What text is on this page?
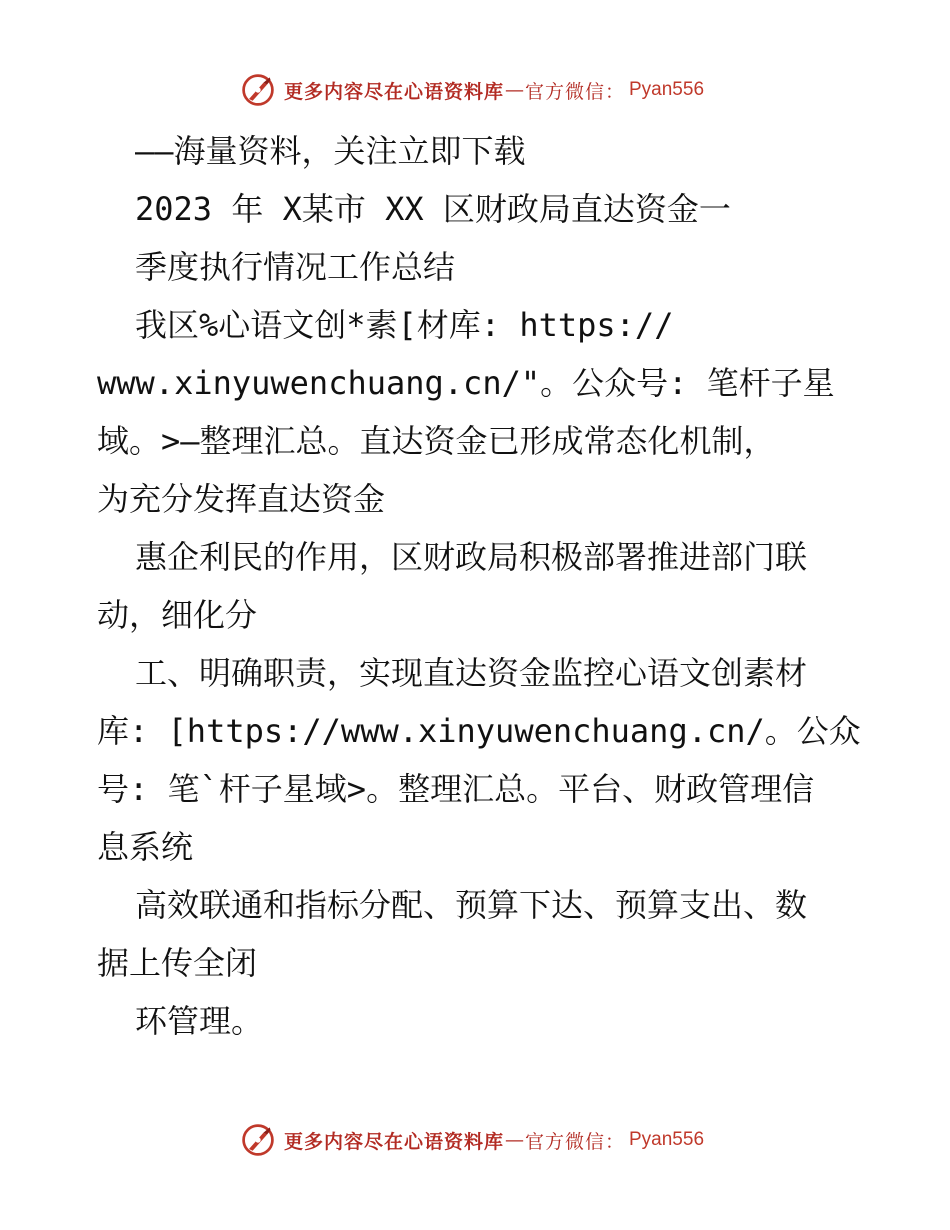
更多内容尽在心语资料库 — 官方微信： Pyan556
——海量资料，关注立即下载
2023 年 X某市 XX 区财政局直达资金一
季度执行情况工作总结
我区%心语文创*素[材库: https://
www.xinyuwenchuang.cn/"。公众号: 笔杆子星
域。>—整理汇总。直达资金已形成常态化机制，
为充分发挥直达资金
惠企利民的作用，区财政局积极部署推进部门联
动，细化分
工、明确职责，实现直达资金监控心语文创素材
库: [https://www.xinyuwenchuang.cn/。公众
号: 笔`杆子星域>。整理汇总。平台、财政管理信
息系统
高效联通和指标分配、预算下达、预算支出、数
据上传全闭
环管理。
更多内容尽在心语资料库 — 官方微信： Pyan556
